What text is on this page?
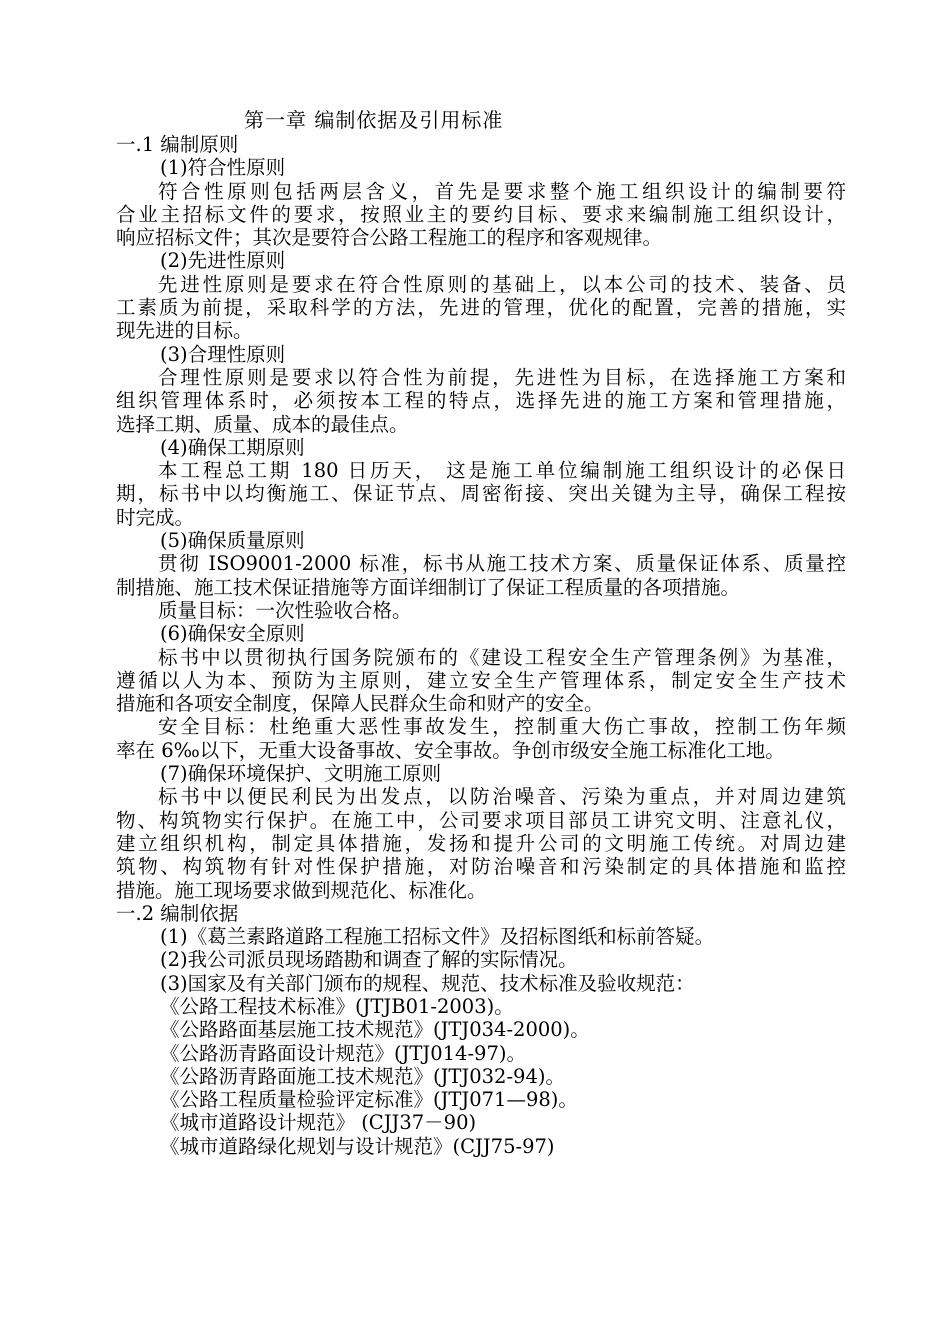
第一章 编制依据及引用标准
一.1 编制原则
(1)符合性原则
符合性原则包括两层含义，首先是要求整个施工组织设计的编制要符
合业主招标文件的要求，按照业主的要约目标、要求来编制施工组织设计，
响应招标文件；其次是要符合公路工程施工的程序和客观规律。
(2)先进性原则
先进性原则是要求在符合性原则的基础上，以本公司的技术、装备、员
工素质为前提，采取科学的方法，先进的管理，优化的配置，完善的措施，实
现先进的目标。
(3)合理性原则
合理性原则是要求以符合性为前提，先进性为目标，在选择施工方案和
组织管理体系时，必须按本工程的特点，选择先进的施工方案和管理措施，
选择工期、质量、成本的最佳点。
(4)确保工期原则
本工程总工期 180 日历天， 这是施工单位编制施工组织设计的必保日
期，标书中以均衡施工、保证节点、周密衔接、突出关键为主导，确保工程按
时完成。
(5)确保质量原则
贯彻 ISO9001-2000 标准，标书从施工技术方案、质量保证体系、质量控
制措施、施工技术保证措施等方面详细制订了保证工程质量的各项措施。
质量目标：一次性验收合格。
(6)确保安全原则
标书中以贯彻执行国务院颁布的《建设工程安全生产管理条例》为基准，
遵循以人为本、预防为主原则，建立安全生产管理体系，制定安全生产技术
措施和各项安全制度，保障人民群众生命和财产的安全。
安全目标：杜绝重大恶性事故发生，控制重大伤亡事故，控制工伤年频
率在 6‰以下，无重大设备事故、安全事故。争创市级安全施工标准化工地。
(7)确保环境保护、文明施工原则
标书中以便民利民为出发点，以防治噪音、污染为重点，并对周边建筑
物、构筑物实行保护。在施工中，公司要求项目部员工讲究文明、注意礼仪，
建立组织机构，制定具体措施，发扬和提升公司的文明施工传统。对周边建
筑物、构筑物有针对性保护措施，对防治噪音和污染制定的具体措施和监控
措施。施工现场要求做到规范化、标准化。
一.2 编制依据
(1)《葛兰素路道路工程施工招标文件》及招标图纸和标前答疑。
(2)我公司派员现场踏勘和调查了解的实际情况。
(3)国家及有关部门颁布的规程、规范、技术标准及验收规范：
《公路工程技术标准》(JTJB01-2003)。
《公路路面基层施工技术规范》(JTJ034-2000)。
《公路沥青路面设计规范》(JTJ014-97)。
《公路沥青路面施工技术规范》(JTJ032-94)。
《公路工程质量检验评定标准》(JTJ071—98)。
《城市道路设计规范》 (CJJ37－90)
《城市道路绿化规划与设计规范》(CJJ75-97)
